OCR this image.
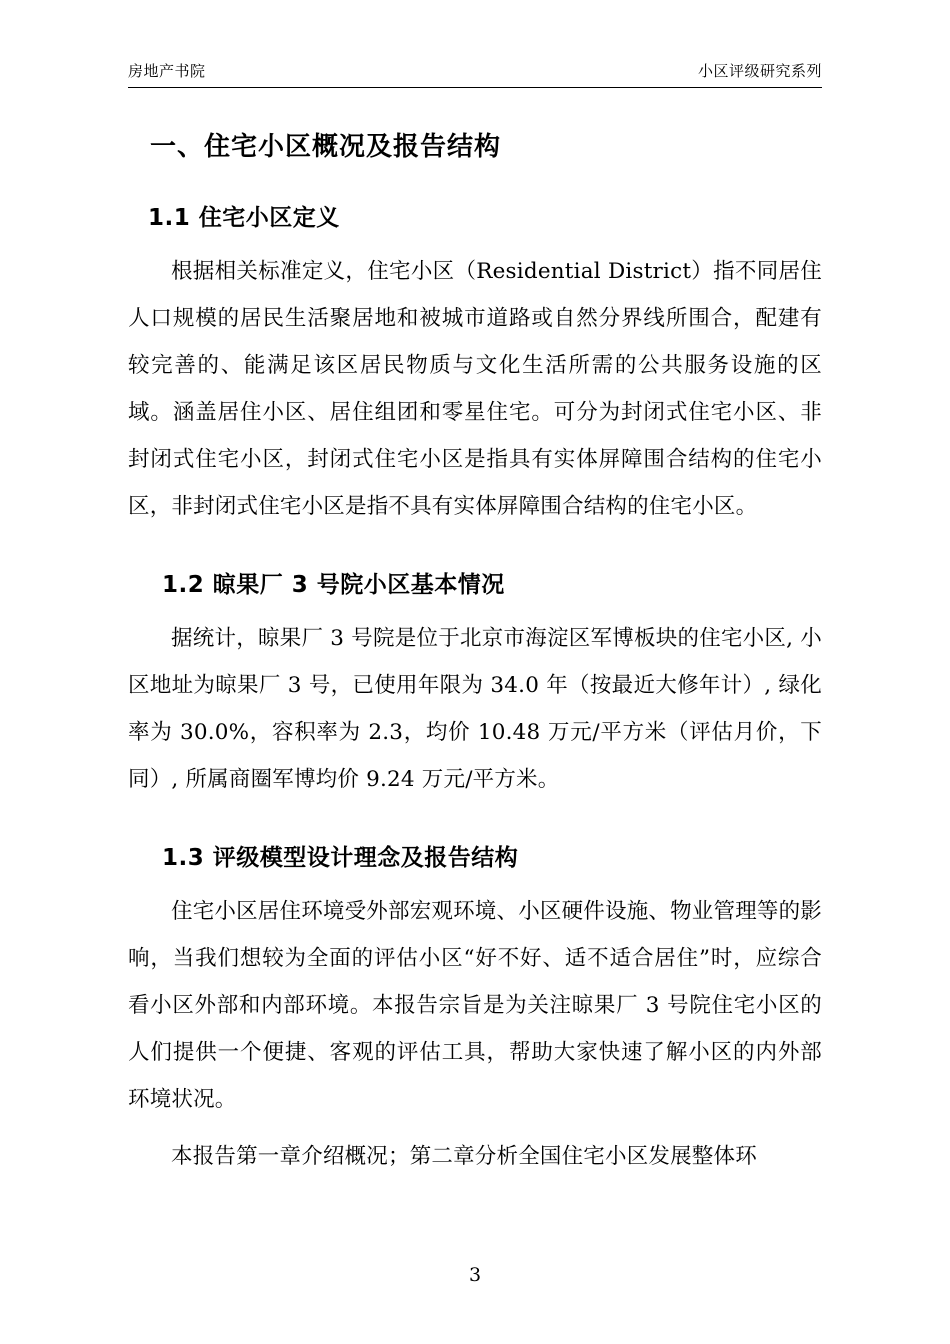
房地产书院	小区评级研究系列
一、住宅小区概况及报告结构
1.1 住宅小区定义

根据相关标准定义，住宅小区（Residential District）指不同居住人口规模的居民生活聚居地和被城市道路或自然分界线所围合，配建有较完善的、能满足该区居民物质与文化生活所需的公共服务设施的区域。涵盖居住小区、居住组团和零星住宅。可分为封闭式住宅小区、非封闭式住宅小区，封闭式住宅小区是指具有实体屏障围合结构的住宅小区，非封闭式住宅小区是指不具有实体屏障围合结构的住宅小区。

1.2 晾果厂 3 号院小区基本情况

据统计，晾果厂 3 号院是位于北京市海淀区军博板块的住宅小区, 小区地址为晾果厂 3 号，已使用年限为 34.0 年（按最近大修年计）, 绿化率为 30.0%，容积率为 2.3，均价 10.48 万元/平方米（评估月价，下同）, 所属商圈军博均价 9.24 万元/平方米。

1.3 评级模型设计理念及报告结构

住宅小区居住环境受外部宏观环境、小区硬件设施、物业管理等的影响，当我们想较为全面的评估小区“好不好、适不适合居住”时，应综合看小区外部和内部环境。本报告宗旨是为关注晾果厂 3 号院住宅小区的人们提供一个便捷、客观的评估工具，帮助大家快速了解小区的内外部环境状况。

本报告第一章介绍概况；第二章分析全国住宅小区发展整体环

3
